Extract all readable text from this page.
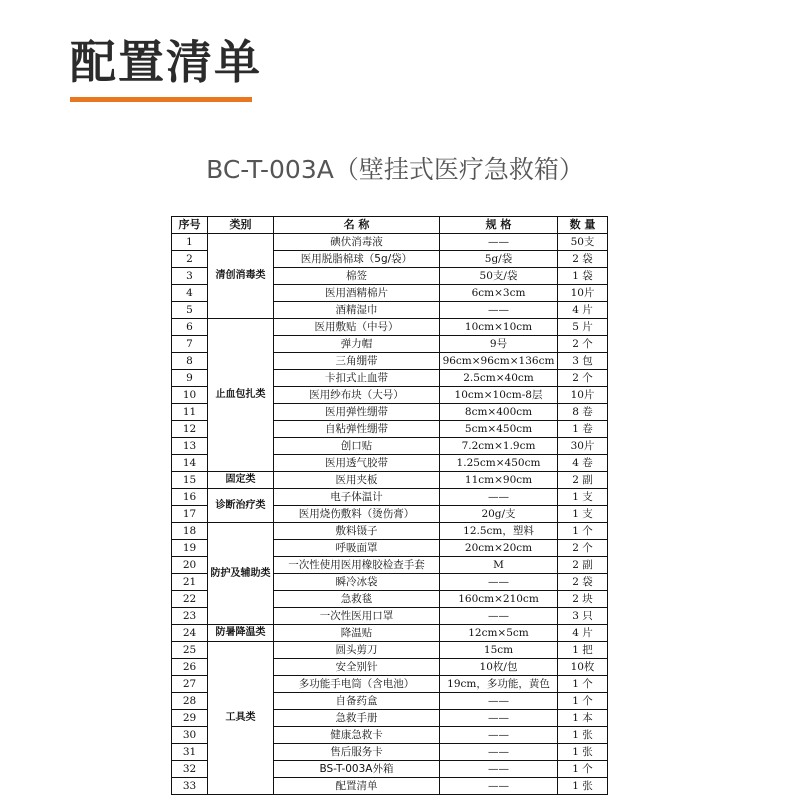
配置清单
BC-T-003A（壁挂式医疗急救箱）
序号	类别	名 称	规 格	数 量
1	清创消毒类	碘伏消毒液	——	50支
2		医用脱脂棉球（5g/袋）	5g/袋	2 袋
3		棉签	50支/袋	1 袋
4		医用酒精棉片	6cm×3cm	10片
5		酒精湿巾	——	4 片
6	止血包扎类	医用敷贴（中号）	10cm×10cm	5 片
7		弹力帽	9号	2 个
8		三角绷带	96cm×96cm×136cm	3 包
9		卡扣式止血带	2.5cm×40cm	2 个
10		医用纱布块（大号）	10cm×10cm-8层	10片
11		医用弹性绷带	8cm×400cm	8 卷
12		自粘弹性绷带	5cm×450cm	1 卷
13		创口贴	7.2cm×1.9cm	30片
14		医用透气胶带	1.25cm×450cm	4 卷
15	固定类	医用夹板	11cm×90cm	2 副
16	诊断治疗类	电子体温计	——	1 支
17		医用烧伤敷料（烫伤膏）	20g/支	1 支
18	防护及辅助类	敷料镊子	12.5cm，塑料	1 个
19		呼吸面罩	20cm×20cm	2 个
20		一次性使用医用橡胶检查手套	M	2 副
21		瞬冷冰袋	——	2 袋
22		急救毯	160cm×210cm	2 块
23		一次性医用口罩	——	3 只
24	防暑降温类	降温贴	12cm×5cm	4 片
25	工具类	圆头剪刀	15cm	1 把
26		安全别针	10枚/包	10枚
27		多功能手电筒（含电池）	19cm，多功能，黄色	1 个
28		自备药盒	——	1 个
29		急救手册	——	1 本
30		健康急救卡	——	1 张
31		售后服务卡	——	1 张
32		BS-T-003A外箱	——	1 个
33		配置清单	——	1 张
